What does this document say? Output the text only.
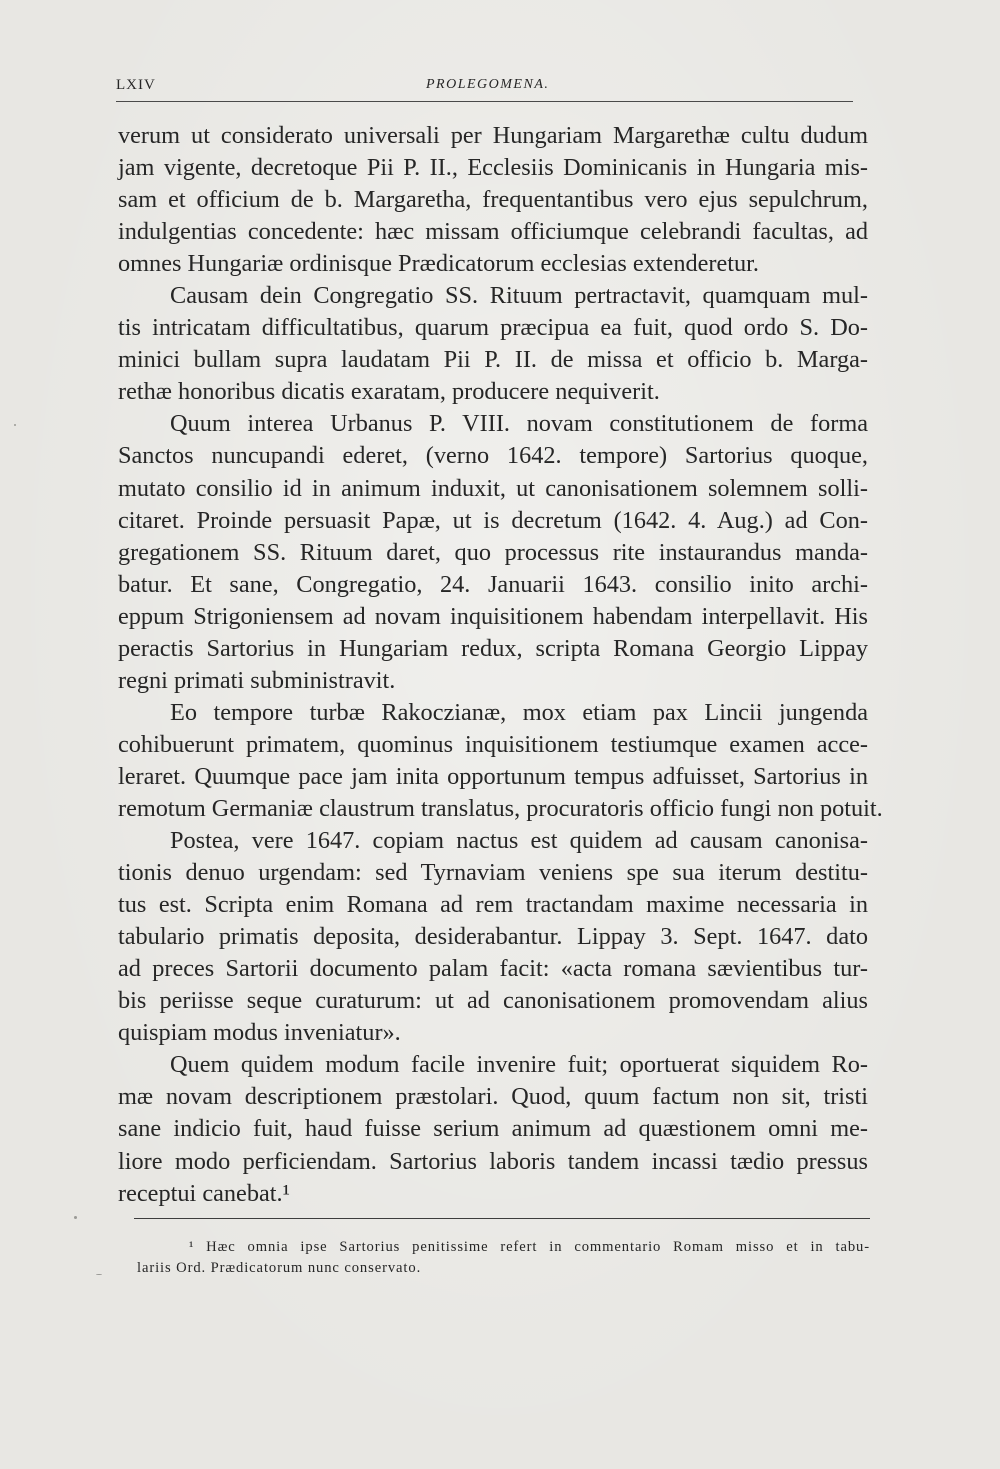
LXIV	PROLEGOMENA.
verum ut considerato universali per Hungariam Margarethæ cultu dudum
jam vigente, decretoque Pii P. II., Ecclesiis Dominicanis in Hungaria mis-
sam et officium de b. Margaretha, frequentantibus vero ejus sepulchrum,
indulgentias concedente: hæc missam officiumque celebrandi facultas, ad
omnes Hungariæ ordinisque Prædicatorum ecclesias extenderetur.
Causam dein Congregatio SS. Rituum pertractavit, quamquam mul-
tis intricatam difficultatibus, quarum præcipua ea fuit, quod ordo S. Do-
minici bullam supra laudatam Pii P. II. de missa et officio b. Marga-
rethæ honoribus dicatis exaratam, producere nequiverit.
Quum interea Urbanus P. VIII. novam constitutionem de forma
Sanctos nuncupandi ederet, (verno 1642. tempore) Sartorius quoque,
mutato consilio id in animum induxit, ut canonisationem solemnem solli-
citaret. Proinde persuasit Papæ, ut is decretum (1642. 4. Aug.) ad Con-
gregationem SS. Rituum daret, quo processus rite instaurandus manda-
batur. Et sane, Congregatio, 24. Januarii 1643. consilio inito archi-
eppum Strigoniensem ad novam inquisitionem habendam interpellavit. His
peractis Sartorius in Hungariam redux, scripta Romana Georgio Lippay
regni primati subministravit.
Eo tempore turbæ Rakoczianæ, mox etiam pax Lincii jungenda
cohibuerunt primatem, quominus inquisitionem testiumque examen acce-
leraret. Quumque pace jam inita opportunum tempus adfuisset, Sartorius in
remotum Germaniæ claustrum translatus, procuratoris officio fungi non potuit.
Postea, vere 1647. copiam nactus est quidem ad causam canonisa-
tionis denuo urgendam: sed Tyrnaviam veniens spe sua iterum destitu-
tus est. Scripta enim Romana ad rem tractandam maxime necessaria in
tabulario primatis deposita, desiderabantur. Lippay 3. Sept. 1647. dato
ad preces Sartorii documento palam facit: «acta romana sævientibus tur-
bis periisse seque curaturum: ut ad canonisationem promovendam alius
quispiam modus inveniatur».
Quem quidem modum facile invenire fuit; oportuerat siquidem Ro-
mæ novam descriptionem præstolari. Quod, quum factum non sit, tristi
sane indicio fuit, haud fuisse serium animum ad quæstionem omni me-
liore modo perficiendam. Sartorius laboris tandem incassi tædio pressus
receptui canebat.¹
¹ Hæc omnia ipse Sartorius penitissime refert in commentario Romam misso et in tabu-
lariis Ord. Prædicatorum nunc conservato.
